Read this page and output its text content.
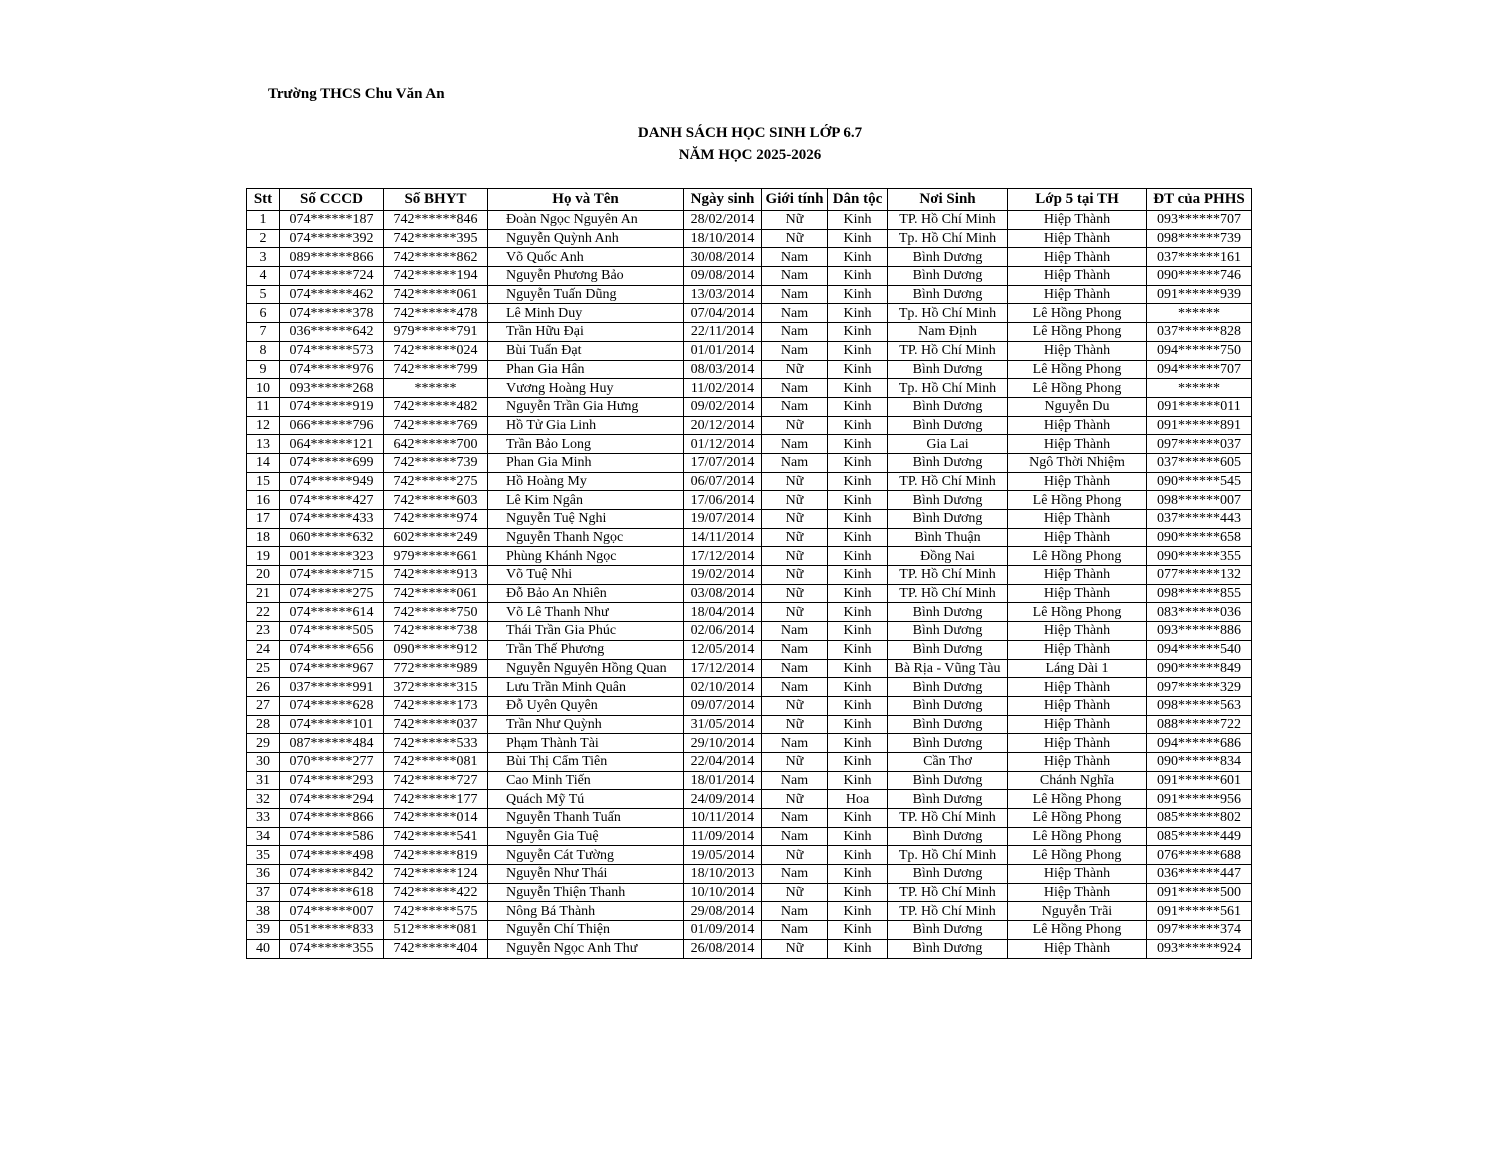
Trường THCS Chu Văn An

DANH SÁCH HỌC SINH LỚP 6.7

NĂM HỌC 2025-2026

Stt	Số CCCD	Số BHYT	Họ và Tên	Ngày sinh	Giới tính	Dân tộc	Nơi Sinh	Lớp 5 tại TH	ĐT của PHHS
1	074******187	742******846	Đoàn Ngọc Nguyên An	28/02/2014	Nữ	Kinh	TP. Hồ Chí Minh	Hiệp Thành	093******707
2	074******392	742******395	Nguyễn Quỳnh Anh	18/10/2014	Nữ	Kinh	Tp. Hồ Chí Minh	Hiệp Thành	098******739
3	089******866	742******862	Võ Quốc Anh	30/08/2014	Nam	Kinh	Bình Dương	Hiệp Thành	037******161
4	074******724	742******194	Nguyễn Phương Bảo	09/08/2014	Nam	Kinh	Bình Dương	Hiệp Thành	090******746
5	074******462	742******061	Nguyễn Tuấn Dũng	13/03/2014	Nam	Kinh	Bình Dương	Hiệp Thành	091******939
6	074******378	742******478	Lê Minh Duy	07/04/2014	Nam	Kinh	Tp. Hồ Chí Minh	Lê Hồng Phong	******
7	036******642	979******791	Trần Hữu Đại	22/11/2014	Nam	Kinh	Nam Định	Lê Hồng Phong	037******828
8	074******573	742******024	Bùi Tuấn Đạt	01/01/2014	Nam	Kinh	TP. Hồ Chí Minh	Hiệp Thành	094******750
9	074******976	742******799	Phan Gia Hân	08/03/2014	Nữ	Kinh	Bình Dương	Lê Hồng Phong	094******707
10	093******268	******	Vương Hoàng Huy	11/02/2014	Nam	Kinh	Tp. Hồ Chí Minh	Lê Hồng Phong	******
11	074******919	742******482	Nguyễn Trần Gia Hưng	09/02/2014	Nam	Kinh	Bình Dương	Nguyễn Du	091******011
12	066******796	742******769	Hồ Tử Gia Linh	20/12/2014	Nữ	Kinh	Bình Dương	Hiệp Thành	091******891
13	064******121	642******700	Trần Bảo Long	01/12/2014	Nam	Kinh	Gia Lai	Hiệp Thành	097******037
14	074******699	742******739	Phan Gia Minh	17/07/2014	Nam	Kinh	Bình Dương	Ngô Thời Nhiệm	037******605
15	074******949	742******275	Hồ Hoàng My	06/07/2014	Nữ	Kinh	TP. Hồ Chí Minh	Hiệp Thành	090******545
16	074******427	742******603	Lê Kim Ngân	17/06/2014	Nữ	Kinh	Bình Dương	Lê Hồng Phong	098******007
17	074******433	742******974	Nguyễn Tuệ Nghi	19/07/2014	Nữ	Kinh	Bình Dương	Hiệp Thành	037******443
18	060******632	602******249	Nguyễn Thanh Ngọc	14/11/2014	Nữ	Kinh	Bình Thuận	Hiệp Thành	090******658
19	001******323	979******661	Phùng Khánh Ngọc	17/12/2014	Nữ	Kinh	Đồng Nai	Lê Hồng Phong	090******355
20	074******715	742******913	Võ Tuệ Nhi	19/02/2014	Nữ	Kinh	TP. Hồ Chí Minh	Hiệp Thành	077******132
21	074******275	742******061	Đỗ Bảo An Nhiên	03/08/2014	Nữ	Kinh	TP. Hồ Chí Minh	Hiệp Thành	098******855
22	074******614	742******750	Võ Lê Thanh Như	18/04/2014	Nữ	Kinh	Bình Dương	Lê Hồng Phong	083******036
23	074******505	742******738	Thái Trần Gia Phúc	02/06/2014	Nam	Kinh	Bình Dương	Hiệp Thành	093******886
24	074******656	090******912	Trần Thế Phương	12/05/2014	Nam	Kinh	Bình Dương	Hiệp Thành	094******540
25	074******967	772******989	Nguyễn Nguyên Hồng Quan	17/12/2014	Nam	Kinh	Bà Rịa - Vũng Tàu	Láng Dài 1	090******849
26	037******991	372******315	Lưu Trần Minh Quân	02/10/2014	Nam	Kinh	Bình Dương	Hiệp Thành	097******329
27	074******628	742******173	Đỗ Uyên Quyên	09/07/2014	Nữ	Kinh	Bình Dương	Hiệp Thành	098******563
28	074******101	742******037	Trần Như Quỳnh	31/05/2014	Nữ	Kinh	Bình Dương	Hiệp Thành	088******722
29	087******484	742******533	Phạm Thành Tài	29/10/2014	Nam	Kinh	Bình Dương	Hiệp Thành	094******686
30	070******277	742******081	Bùi Thị Cẩm Tiên	22/04/2014	Nữ	Kinh	Cần Thơ	Hiệp Thành	090******834
31	074******293	742******727	Cao Minh Tiến	18/01/2014	Nam	Kinh	Bình Dương	Chánh Nghĩa	091******601
32	074******294	742******177	Quách Mỹ Tú	24/09/2014	Nữ	Hoa	Bình Dương	Lê Hồng Phong	091******956
33	074******866	742******014	Nguyễn Thanh Tuấn	10/11/2014	Nam	Kinh	TP. Hồ Chí Minh	Lê Hồng Phong	085******802
34	074******586	742******541	Nguyễn Gia Tuệ	11/09/2014	Nam	Kinh	Bình Dương	Lê Hồng Phong	085******449
35	074******498	742******819	Nguyễn Cát Tường	19/05/2014	Nữ	Kinh	Tp. Hồ Chí Minh	Lê Hồng Phong	076******688
36	074******842	742******124	Nguyễn Như Thái	18/10/2013	Nam	Kinh	Bình Dương	Hiệp Thành	036******447
37	074******618	742******422	Nguyễn Thiện Thanh	10/10/2014	Nữ	Kinh	TP. Hồ Chí Minh	Hiệp Thành	091******500
38	074******007	742******575	Nông Bá Thành	29/08/2014	Nam	Kinh	TP. Hồ Chí Minh	Nguyễn Trãi	091******561
39	051******833	512******081	Nguyễn Chí Thiện	01/09/2014	Nam	Kinh	Bình Dương	Lê Hồng Phong	097******374
40	074******355	742******404	Nguyễn Ngọc Anh Thư	26/08/2014	Nữ	Kinh	Bình Dương	Hiệp Thành	093******924
